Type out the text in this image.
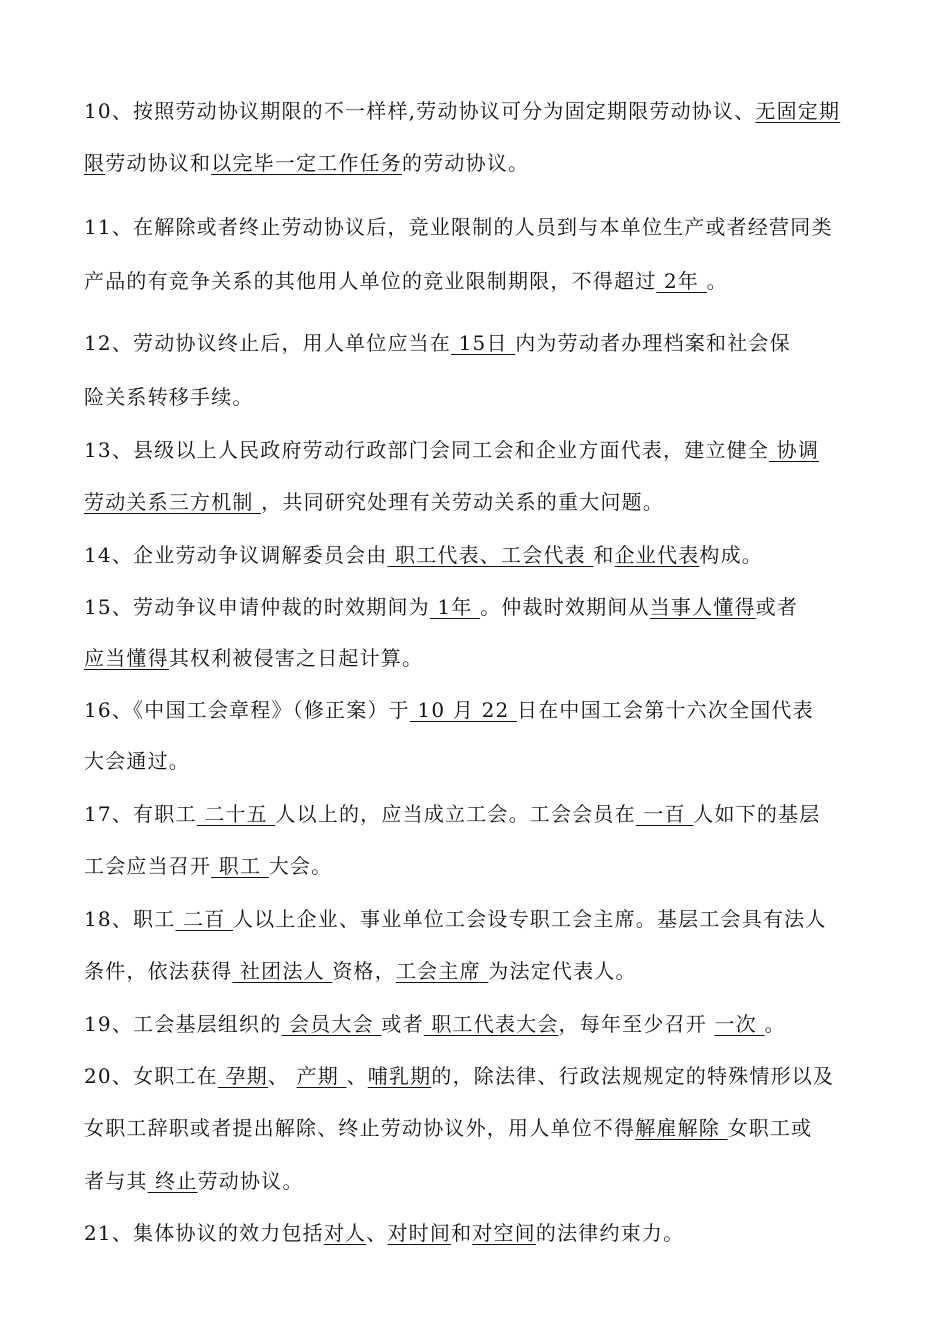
10、按照劳动协议期限的不一样样,劳动协议可分为固定期限劳动协议、无固定期
限劳动协议和以完毕一定工作任务的劳动协议。
11、在解除或者终止劳动协议后，竞业限制的人员到与本单位生产或者经营同类
产品的有竞争关系的其他用人单位的竞业限制期限，不得超过 2年 。
12、劳动协议终止后，用人单位应当在 15日 内为劳动者办理档案和社会保
险关系转移手续。
13、县级以上人民政府劳动行政部门会同工会和企业方面代表，建立健全 协调
劳动关系三方机制 ，共同研究处理有关劳动关系的重大问题。
14、企业劳动争议调解委员会由 职工代表、工会代表 和企业代表构成。
15、劳动争议申请仲裁的时效期间为 1年 。仲裁时效期间从当事人懂得或者
应当懂得其权利被侵害之日起计算。
16、《中国工会章程》（修正案）于 10 月 22 日在中国工会第十六次全国代表
大会通过。
17、有职工 二十五 人以上的，应当成立工会。工会会员在 一百 人如下的基层
工会应当召开 职工 大会。
18、职工 二百 人以上企业、事业单位工会设专职工会主席。基层工会具有法人
条件，依法获得 社团法人 资格，工会主席 为法定代表人。
19、工会基层组织的 会员大会 或者 职工代表大会，每年至少召开 一次 。
20、女职工在 孕期、 产期 、哺乳期的，除法律、行政法规规定的特殊情形以及
女职工辞职或者提出解除、终止劳动协议外，用人单位不得解雇解除 女职工或
者与其 终止劳动协议。
21、集体协议的效力包括对人、对时间和对空间的法律约束力。
